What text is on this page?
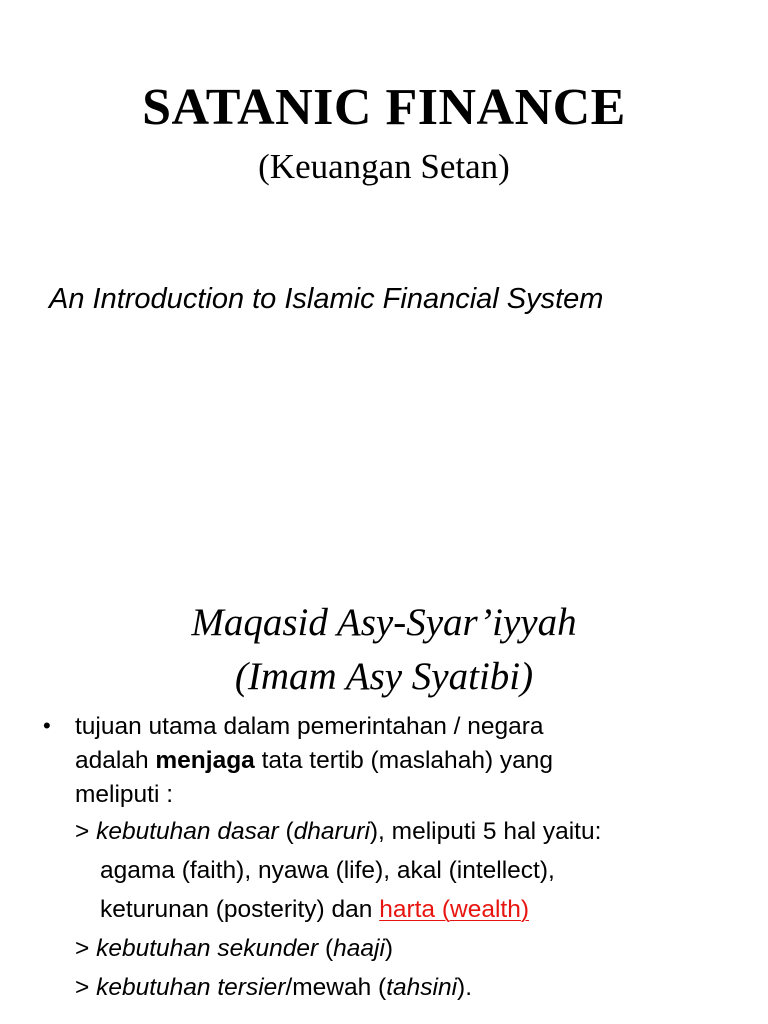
SATANIC FINANCE
(Keuangan Setan)
An Introduction to Islamic Financial System
Maqasid Asy-Syar’iyyah
(Imam Asy Syatibi)
• tujuan utama dalam pemerintahan / negara
adalah menjaga tata tertib (maslahah) yang
meliputi :
> kebutuhan dasar (dharuri), meliputi 5 hal yaitu:
agama (faith), nyawa (life), akal (intellect),
keturunan (posterity) dan harta (wealth)
> kebutuhan sekunder (haaji)
> kebutuhan tersier/mewah (tahsini).
